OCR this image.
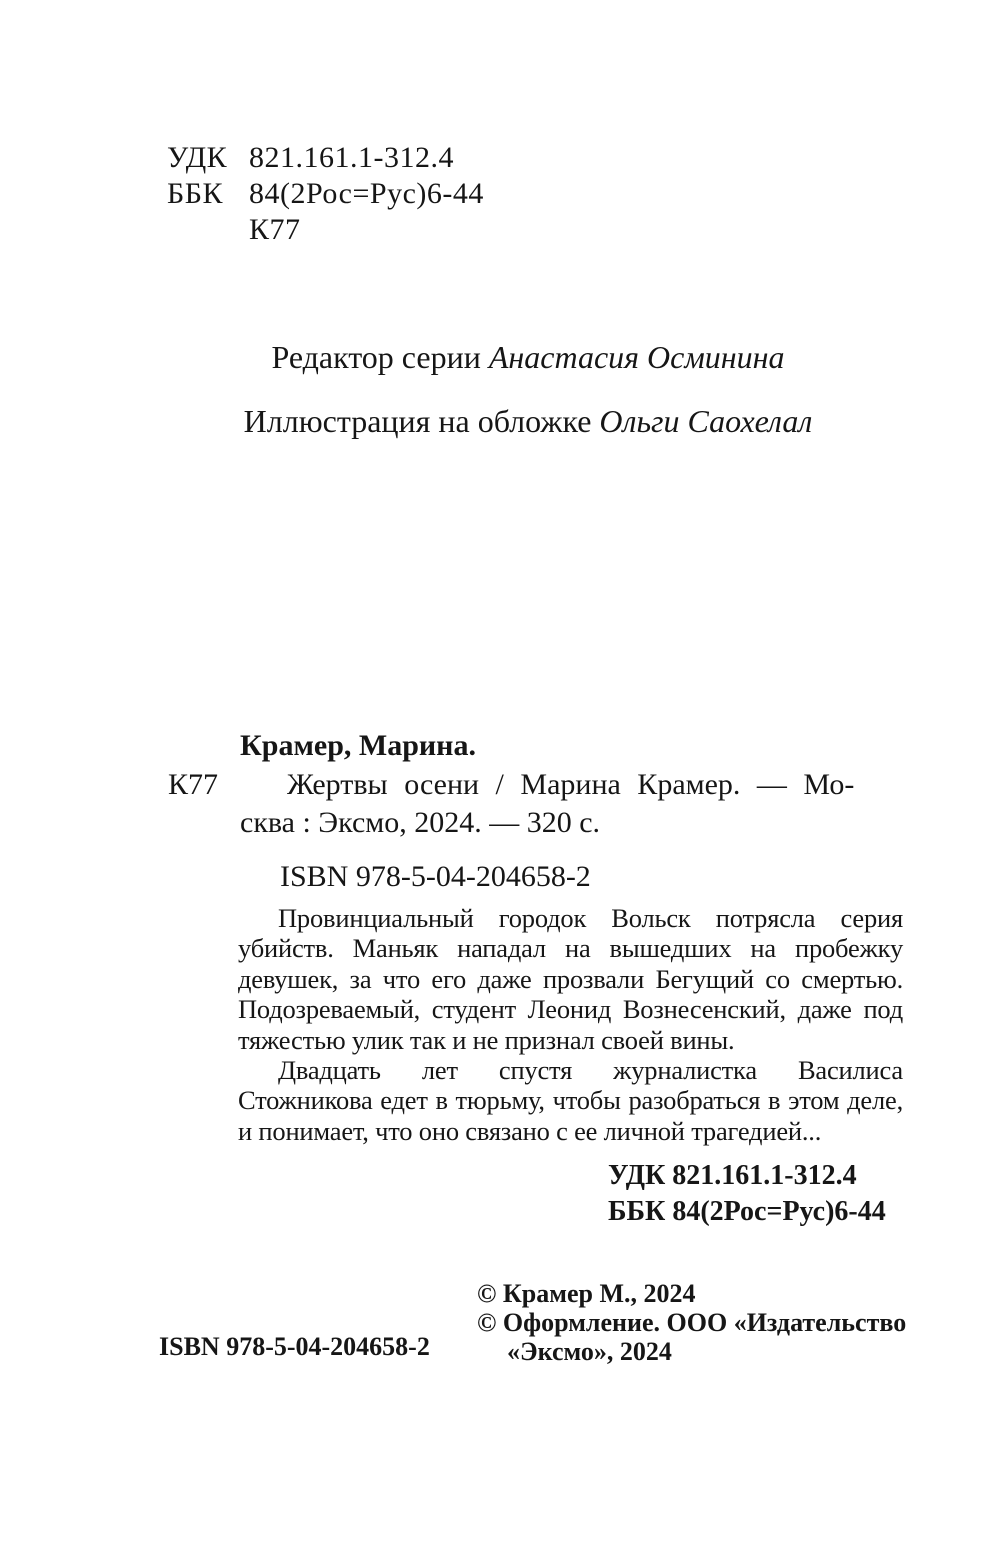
УДК 821.161.1-312.4
ББК 84(2Рос=Рус)6-44
К77
Редактор серии Анастасия Осминина
Иллюстрация на обложке Ольги Саохелал
Крамер, Марина.
К77 Жертвы осени / Марина Крамер. — Мо-
сква : Эксмо, 2024. — 320 с.
ISBN 978-5-04-204658-2

Провинциальный городок Вольск потрясла серия убийств. Маньяк нападал на вышедших на пробежку девушек, за что его даже прозвали Бегущий со смертью. Подозреваемый, студент Леонид Вознесенский, даже под тяжестью улик так и не признал своей вины.

Двадцать лет спустя журналистка Василиса Стожникова едет в тюрьму, чтобы разобраться в этом деле, и понимает, что оно связано с ее личной трагедией...

УДК 821.161.1-312.4
ББК 84(2Рос=Рус)6-44
ISBN 978-5-04-204658-2
© Крамер М., 2024
© Оформление. ООО «Издательство
«Эксмо», 2024
